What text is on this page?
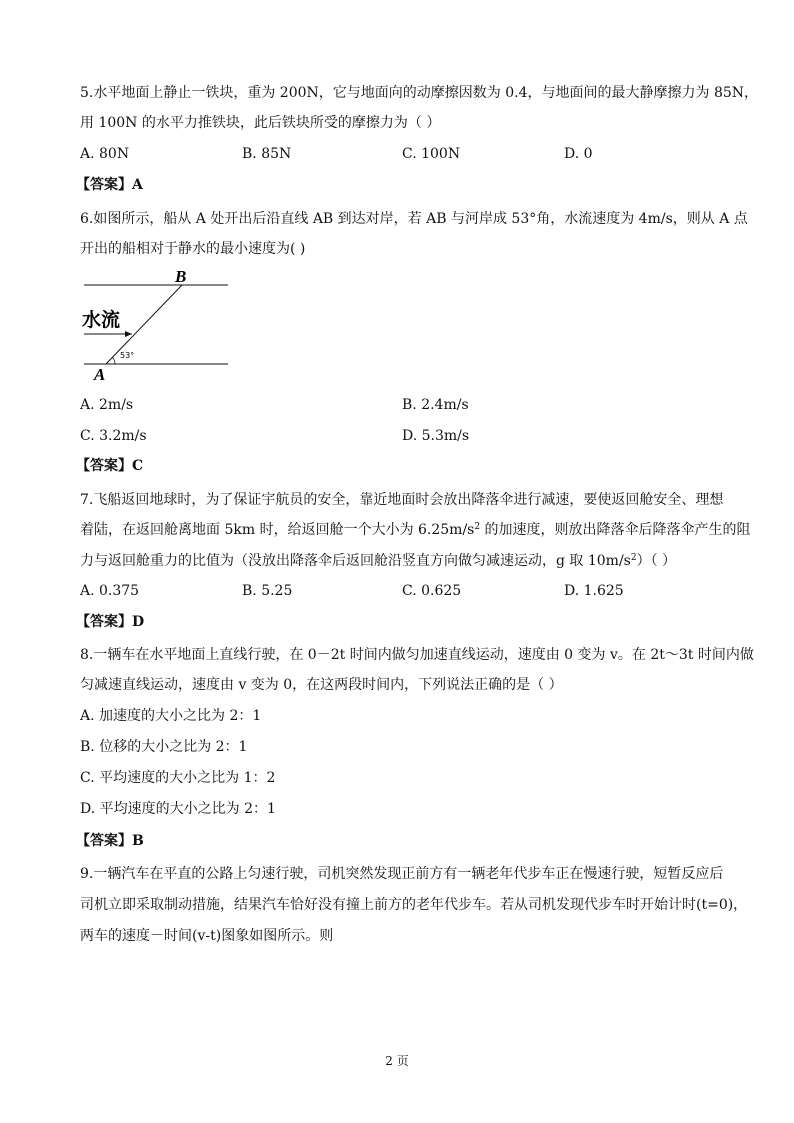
5.水平地面上静止一铁块，重为 200N，它与地面向的动摩擦因数为 0.4，与地面间的最大静摩擦力为 85N，
用 100N 的水平力推铁块，此后铁块所受的摩擦力为（ ）
A. 80N	B. 85N	C. 100N	D. 0
【答案】A
6.如图所示，船从 A 处开出后沿直线 AB 到达对岸，若 AB 与河岸成 53°角，水流速度为 4m/s，则从 A 点
开出的船相对于静水的最小速度为( )
B
A
水流
53°
A. 2m/s	B. 2.4m/s
C. 3.2m/s	D. 5.3m/s
【答案】C
7.飞船返回地球时，为了保证宇航员的安全，靠近地面时会放出降落伞进行减速，要使返回舱安全、理想
着陆，在返回舱离地面 5km 时，给返回舱一个大小为 $6.25m/s^2$ 的加速度，则放出降落伞后降落伞产生的阻
力与返回舱重力的比值为（没放出降落伞后返回舱沿竖直方向做匀减速运动，g 取 $10m/s^2$）（ ）
A. 0.375	B. 5.25	C. 0.625	D. 1.625
【答案】D
8.一辆车在水平地面上直线行驶，在 0－2t 时间内做匀加速直线运动，速度由 0 变为 v。在 2t～3t 时间内做
匀减速直线运动，速度由 v 变为 0，在这两段时间内，下列说法正确的是（ ）
A. 加速度的大小之比为 2：1
B. 位移的大小之比为 2：1
C. 平均速度的大小之比为 1：2
D. 平均速度的大小之比为 2：1
【答案】B
9.一辆汽车在平直的公路上匀速行驶，司机突然发现正前方有一辆老年代步车正在慢速行驶，短暂反应后
司机立即采取制动措施，结果汽车恰好没有撞上前方的老年代步车。若从司机发现代步车时开始计时(t=0)，
两车的速度－时间(v-t)图象如图所示。则
2 页
